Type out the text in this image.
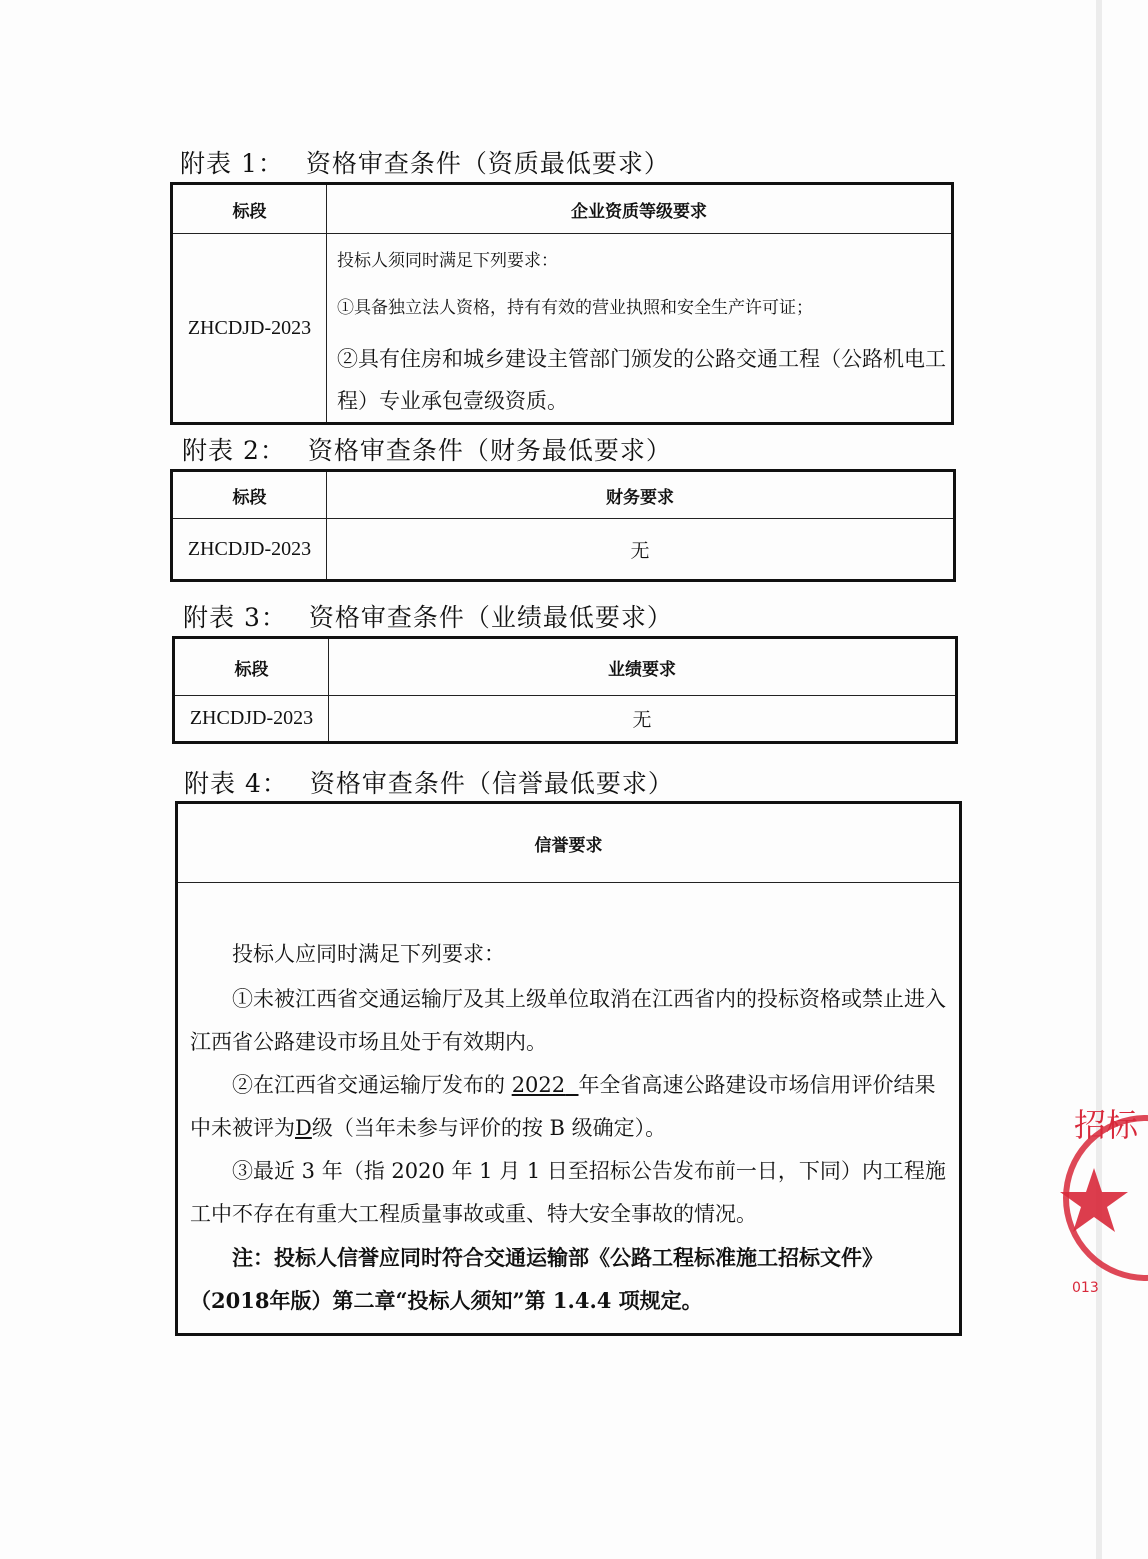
附表 1： 资格审查条件（资质最低要求）
标段	企业资质等级要求
ZHCDJD-2023	投标人须同时满足下列要求：

①具备独立法人资格，持有有效的营业执照和安全生产许可证；

②具有住房和城乡建设主管部门颁发的公路交通工程（公路机电工程）专业承包壹级资质。

附表 2： 资格审查条件（财务最低要求）
标段	财务要求
ZHCDJD-2023	无
附表 3： 资格审查条件（业绩最低要求）
标段	业绩要求
ZHCDJD-2023	无
附表 4： 资格审查条件（信誉最低要求）
信誉要求

投标人应同时满足下列要求：

①未被江西省交通运输厅及其上级单位取消在江西省内的投标资格或禁止进入江西省公路建设市场且处于有效期内。

②在江西省交通运输厅发布的 2022 年全省高速公路建设市场信用评价结果中未被评为D级（当年未参与评价的按 B 级确定）。

③最近 3 年（指 2020 年 1 月 1 日至招标公告发布前一日，下同）内工程施工中不存在有重大工程质量事故或重、特大安全事故的情况。

注：投标人信誉应同时符合交通运输部《公路工程标准施工招标文件》（2018年版）第二章“投标人须知”第 1.4.4 项规定。

招标
013
